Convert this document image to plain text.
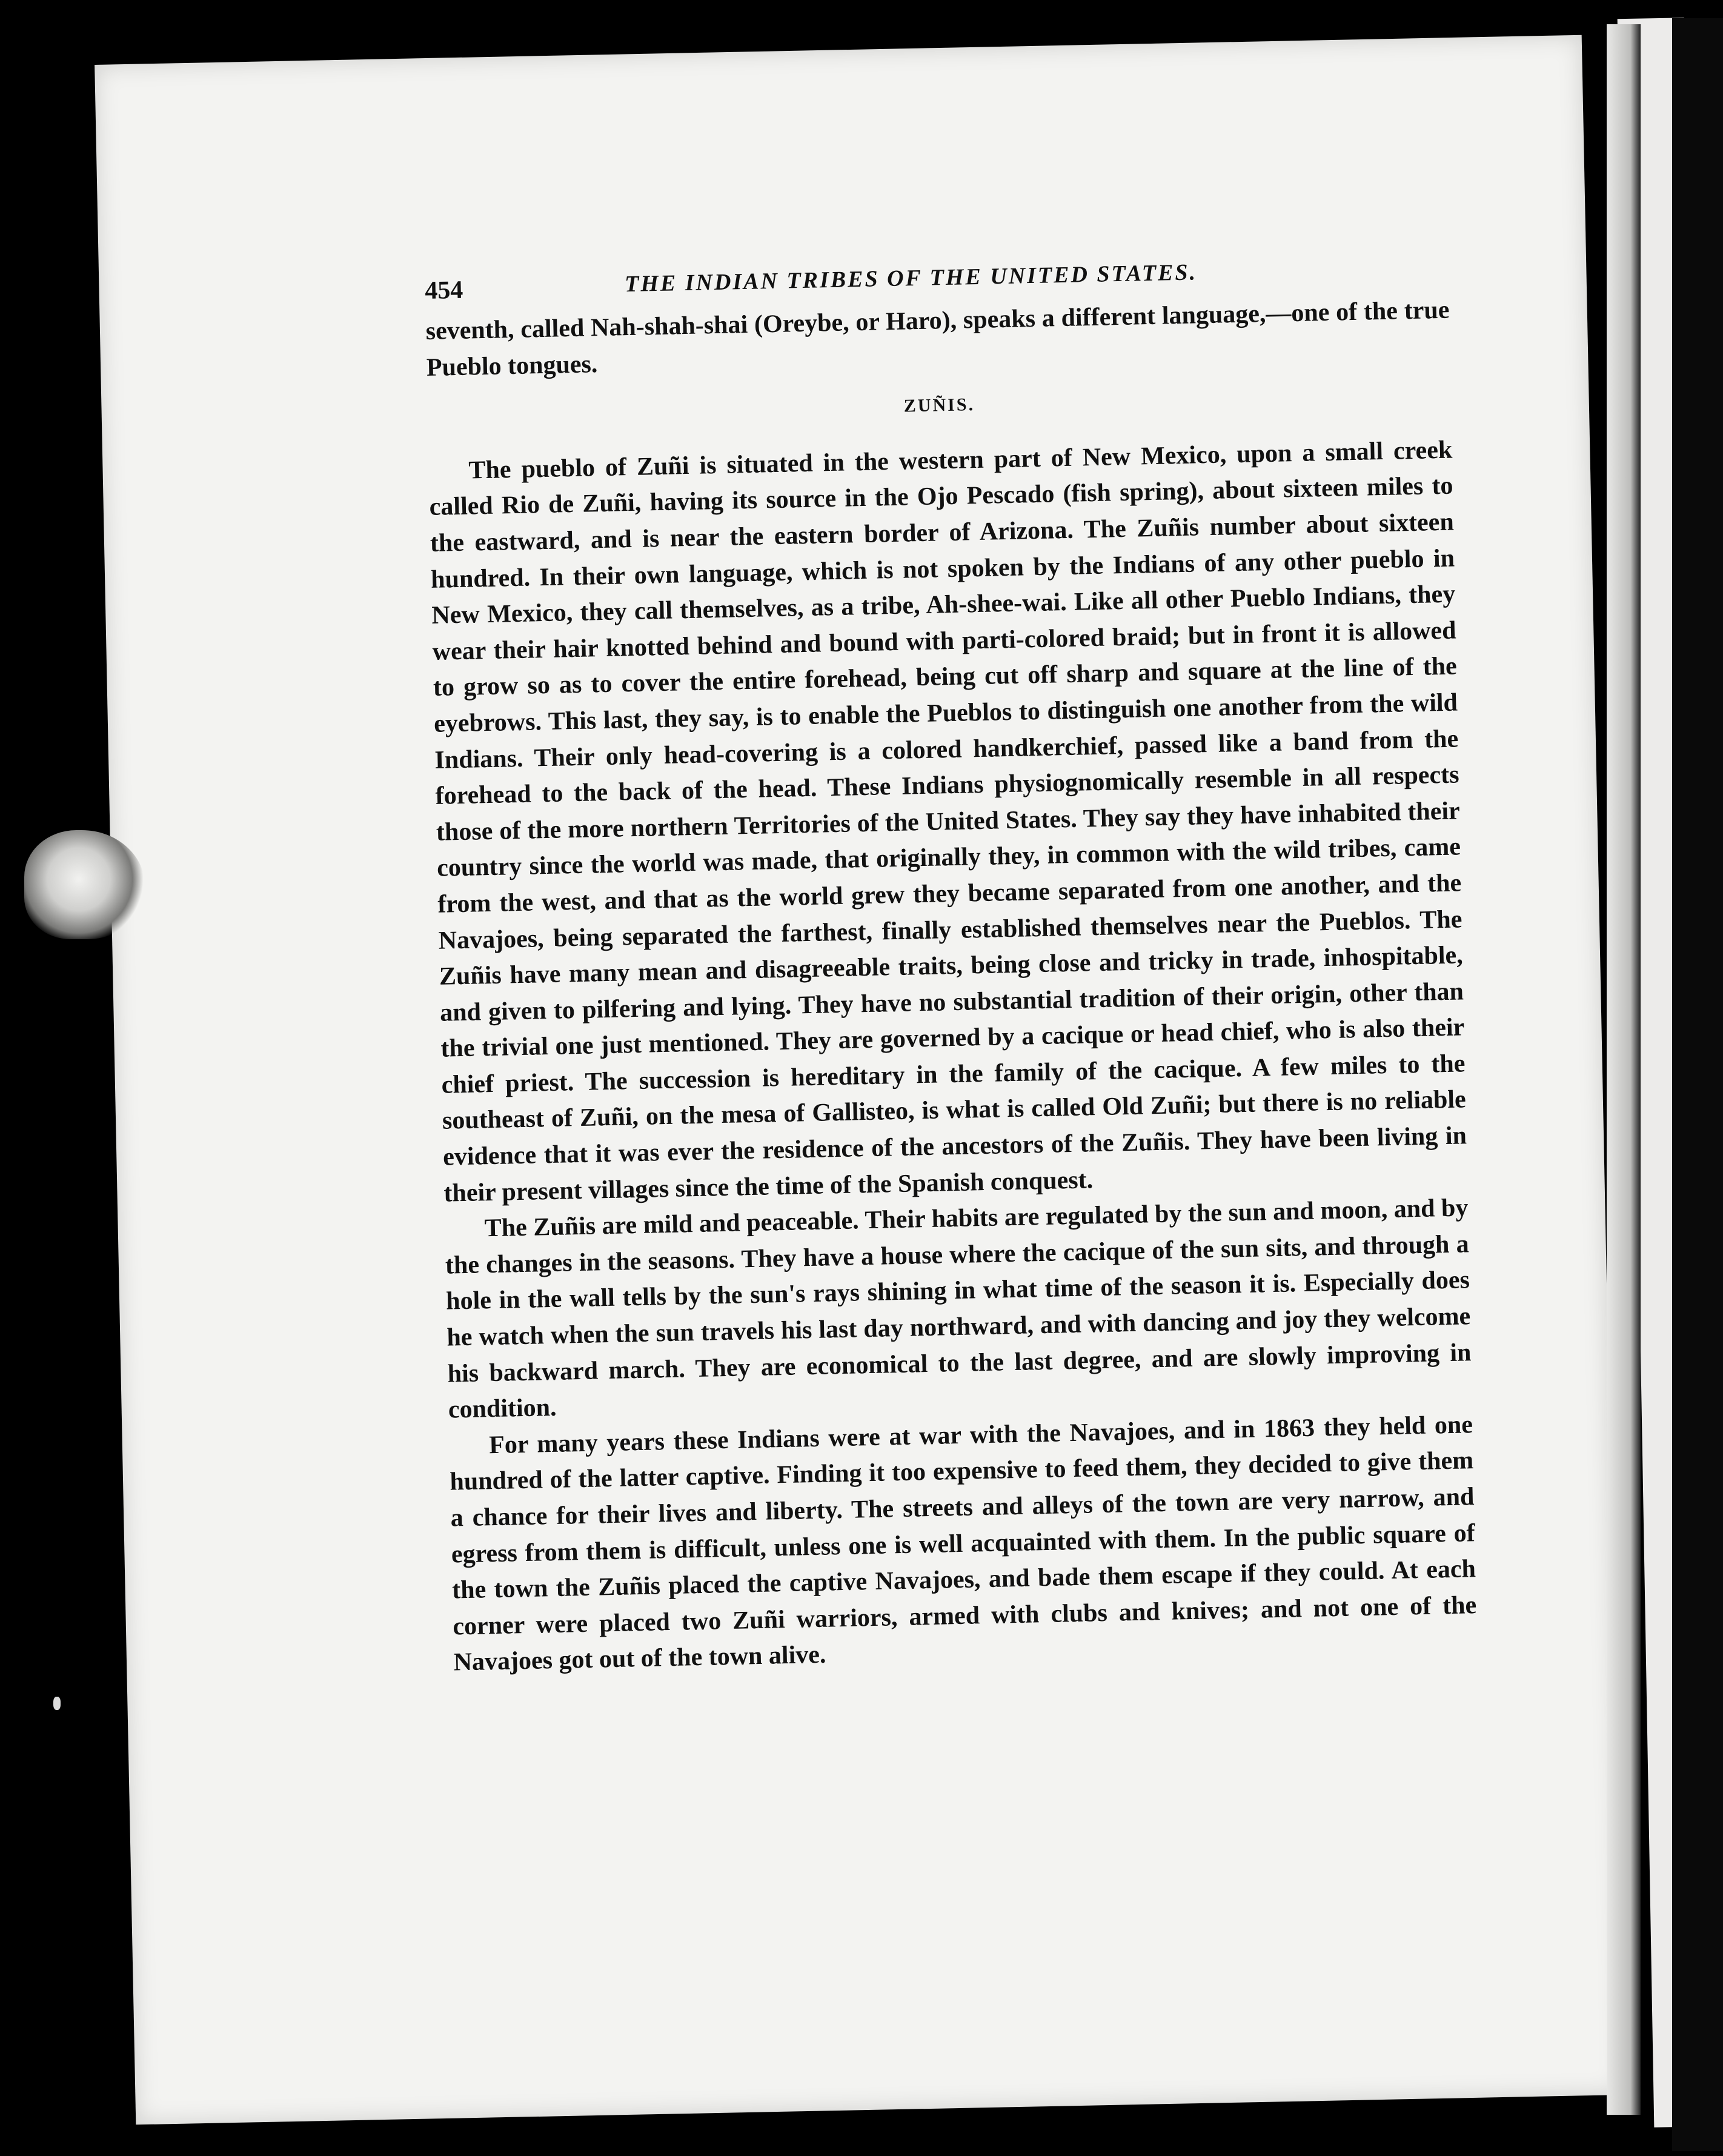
454	THE INDIAN TRIBES OF THE UNITED STATES.

seventh, called Nah-shah-shai (Oreybe, or Haro), speaks a different language,—one of the true Pueblo tongues.

ZUÑIS.

The pueblo of Zuñi is situated in the western part of New Mexico, upon a small creek called Rio de Zuñi, having its source in the Ojo Pescado (fish spring), about sixteen miles to the eastward, and is near the eastern border of Arizona. The Zuñis number about sixteen hundred. In their own language, which is not spoken by the Indians of any other pueblo in New Mexico, they call themselves, as a tribe, Ah-shee-wai. Like all other Pueblo Indians, they wear their hair knotted behind and bound with parti-colored braid; but in front it is allowed to grow so as to cover the entire forehead, being cut off sharp and square at the line of the eyebrows. This last, they say, is to enable the Pueblos to distinguish one another from the wild Indians. Their only head-covering is a colored handkerchief, passed like a band from the forehead to the back of the head. These Indians physiognomically resemble in all respects those of the more northern Territories of the United States. They say they have inhabited their country since the world was made, that originally they, in common with the wild tribes, came from the west, and that as the world grew they became separated from one another, and the Navajoes, being separated the farthest, finally established themselves near the Pueblos. The Zuñis have many mean and disagreeable traits, being close and tricky in trade, inhospitable, and given to pilfering and lying. They have no substantial tradition of their origin, other than the trivial one just mentioned. They are governed by a cacique or head chief, who is also their chief priest. The succession is hereditary in the family of the cacique. A few miles to the southeast of Zuñi, on the mesa of Gallisteo, is what is called Old Zuñi; but there is no reliable evidence that it was ever the residence of the ancestors of the Zuñis. They have been living in their present villages since the time of the Spanish conquest.

The Zuñis are mild and peaceable. Their habits are regulated by the sun and moon, and by the changes in the seasons. They have a house where the cacique of the sun sits, and through a hole in the wall tells by the sun's rays shining in what time of the season it is. Especially does he watch when the sun travels his last day northward, and with dancing and joy they welcome his backward march. They are economical to the last degree, and are slowly improving in condition.

For many years these Indians were at war with the Navajoes, and in 1863 they held one hundred of the latter captive. Finding it too expensive to feed them, they decided to give them a chance for their lives and liberty. The streets and alleys of the town are very narrow, and egress from them is difficult, unless one is well acquainted with them. In the public square of the town the Zuñis placed the captive Navajoes, and bade them escape if they could. At each corner were placed two Zuñi warriors, armed with clubs and knives; and not one of the Navajoes got out of the town alive.
